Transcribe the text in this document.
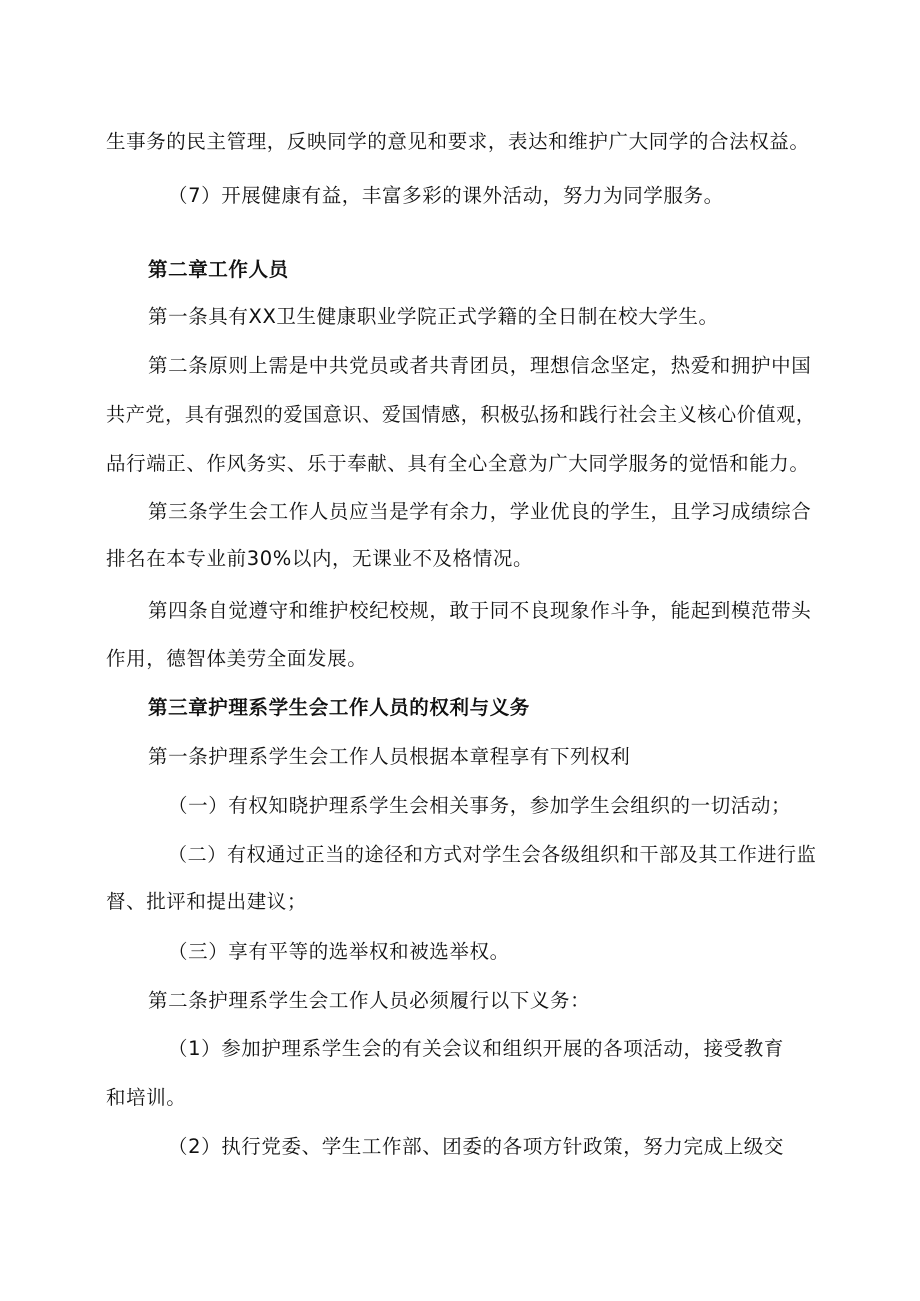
生事务的民主管理，反映同学的意见和要求，表达和维护广大同学的合法权益。
（7）开展健康有益，丰富多彩的课外活动，努力为同学服务。
第二章工作人员
第一条具有XX卫生健康职业学院正式学籍的全日制在校大学生。
第二条原则上需是中共党员或者共青团员，理想信念坚定，热爱和拥护中国
共产党，具有强烈的爱国意识、爱国情感，积极弘扬和践行社会主义核心价值观，
品行端正、作风务实、乐于奉献、具有全心全意为广大同学服务的觉悟和能力。
第三条学生会工作人员应当是学有余力，学业优良的学生，且学习成绩综合
排名在本专业前30%以内，无课业不及格情况。
第四条自觉遵守和维护校纪校规，敢于同不良现象作斗争，能起到模范带头
作用，德智体美劳全面发展。
第三章护理系学生会工作人员的权利与义务
第一条护理系学生会工作人员根据本章程享有下列权利
（一）有权知晓护理系学生会相关事务，参加学生会组织的一切活动；
（二）有权通过正当的途径和方式对学生会各级组织和干部及其工作进行监
督、批评和提出建议；
（三）享有平等的选举权和被选举权。
第二条护理系学生会工作人员必须履行以下义务：
（1）参加护理系学生会的有关会议和组织开展的各项活动，接受教育
和培训。
（2）执行党委、学生工作部、团委的各项方针政策，努力完成上级交
